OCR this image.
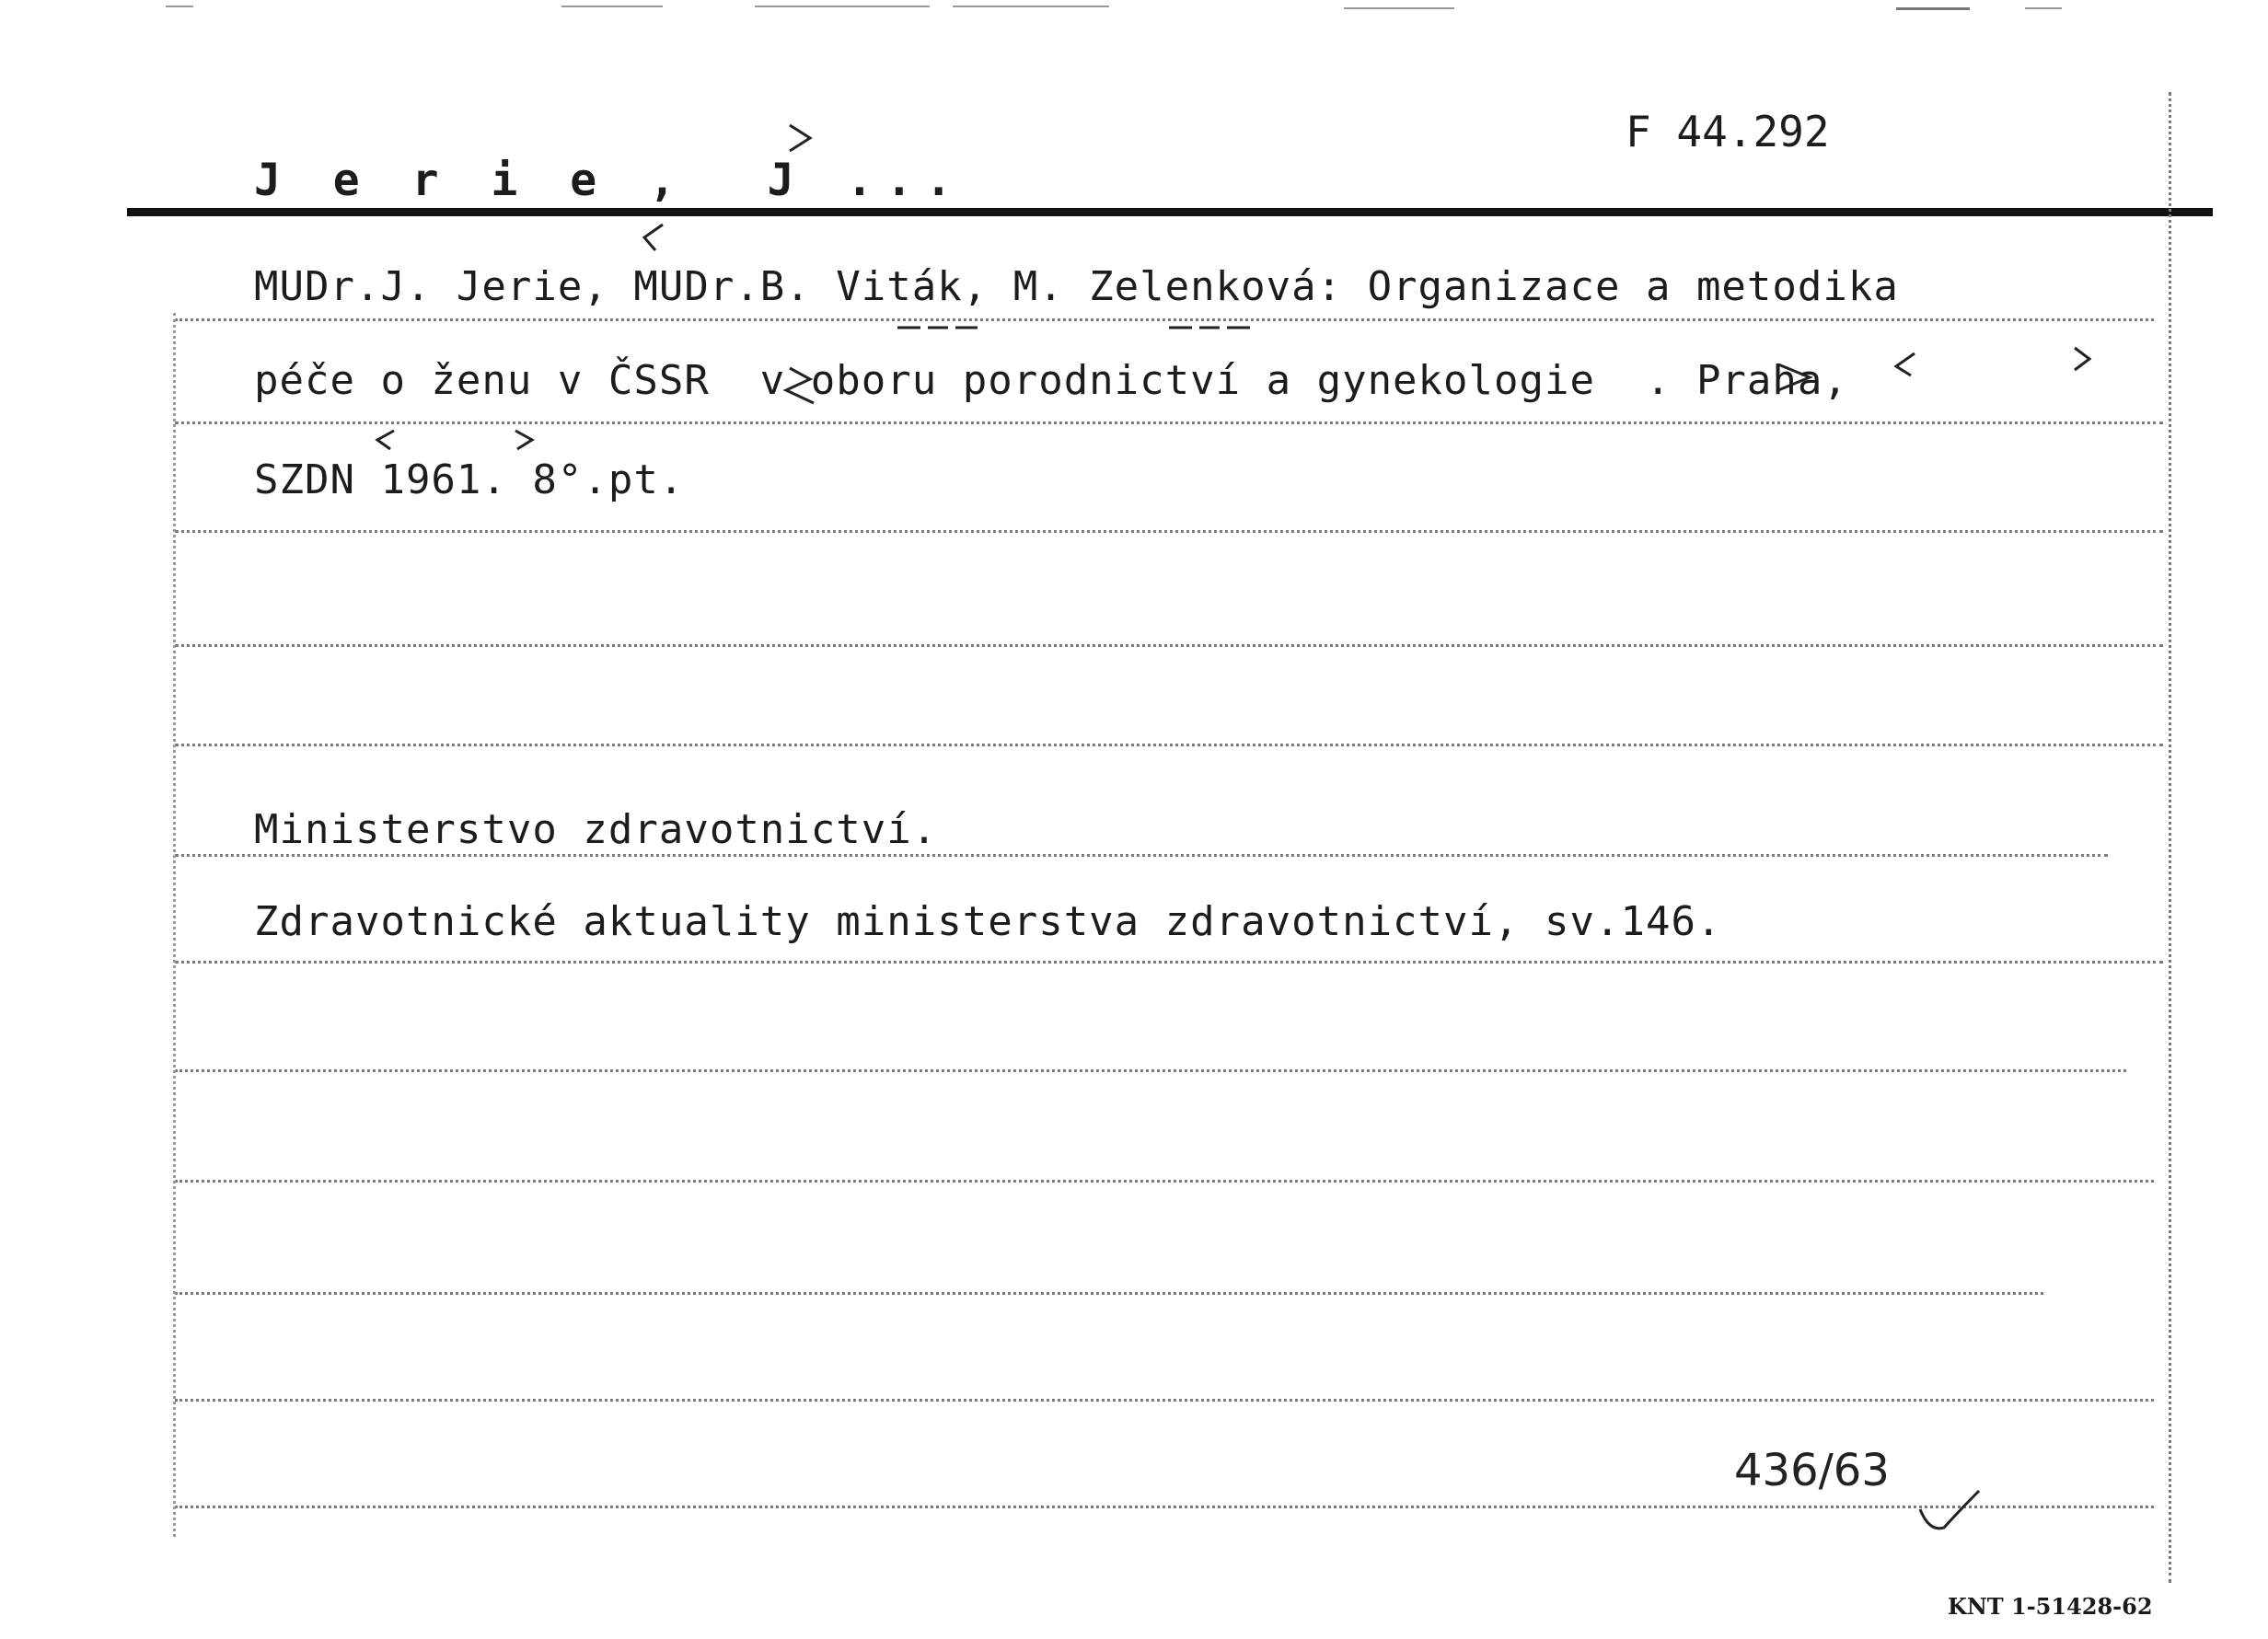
F 44.292
J e r i e ,  J ...
MUDr.J. Jerie, MUDr.B. Viták, M. Zelenková: Organizace a metodika
péče o ženu v ČSSR  v oboru porodnictví a gynekologie  . Praha,
SZDN 1961. 8°.pt.
Ministerstvo zdravotnictví.
Zdravotnické aktuality ministerstva zdravotnictví, sv.146.
436/63
KNT 1-51428-62
